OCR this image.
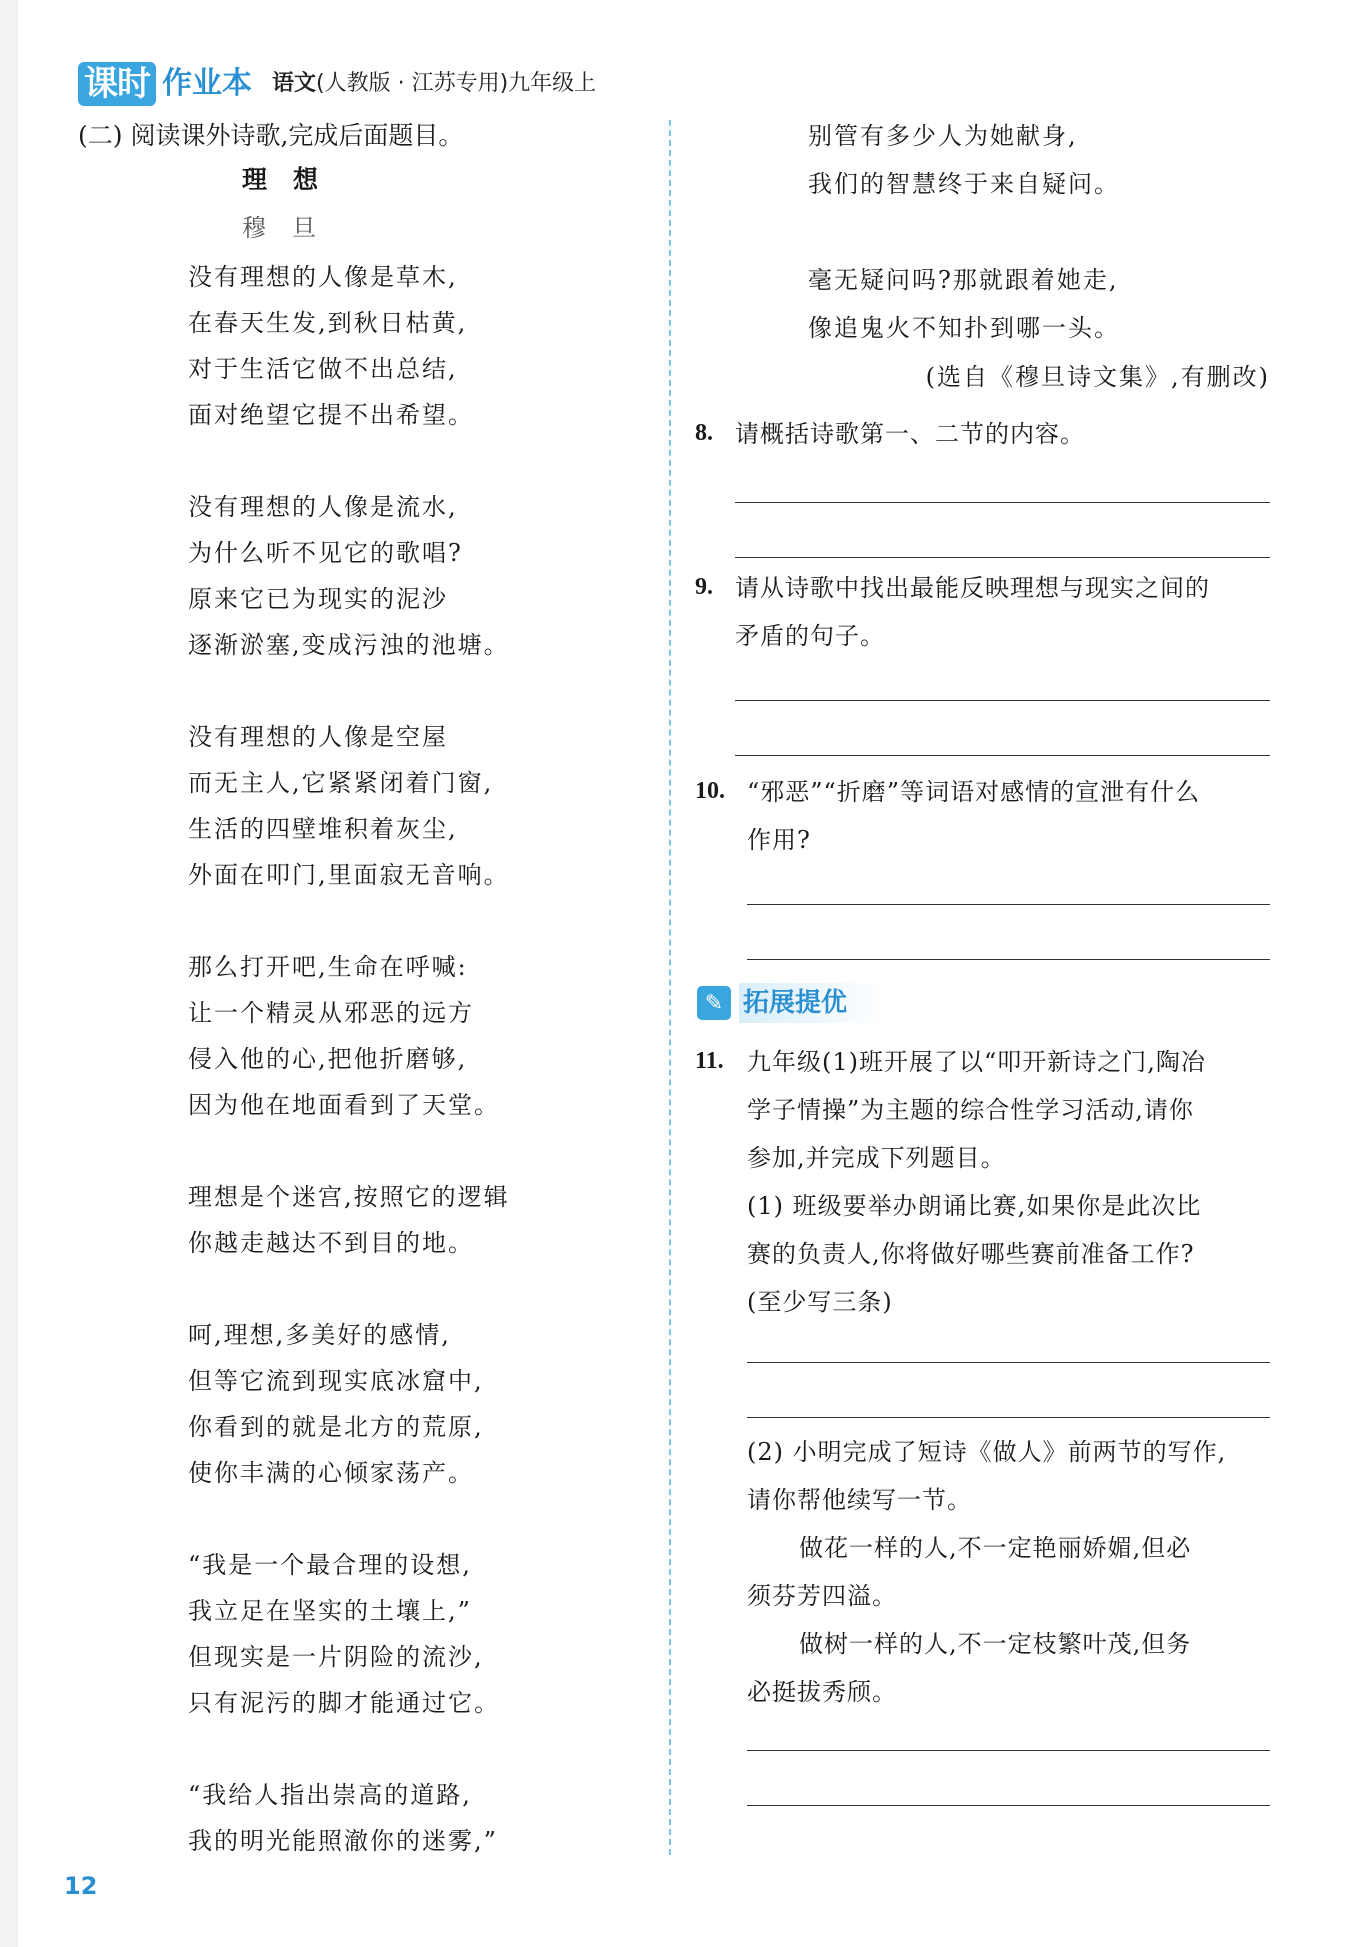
课时 作业本 语文(人教版 · 江苏专用)九年级上

(二) 阅读课外诗歌,完成后面题目。

理想
穆旦
没有理想的人像是草木,
在春天生发,到秋日枯黄,
对于生活它做不出总结,
面对绝望它提不出希望。
没有理想的人像是流水,
为什么听不见它的歌唱?
原来它已为现实的泥沙
逐渐淤塞,变成污浊的池塘。
没有理想的人像是空屋
而无主人,它紧紧闭着门窗,
生活的四壁堆积着灰尘,
外面在叩门,里面寂无音响。
那么打开吧,生命在呼喊:
让一个精灵从邪恶的远方
侵入他的心,把他折磨够,
因为他在地面看到了天堂。
理想是个迷宫,按照它的逻辑
你越走越达不到目的地。
呵,理想,多美好的感情,
但等它流到现实底冰窟中,
你看到的就是北方的荒原,
使你丰满的心倾家荡产。
“我是一个最合理的设想,
我立足在坚实的土壤上,”
但现实是一片阴险的流沙,
只有泥污的脚才能通过它。
“我给人指出崇高的道路,
我的明光能照澈你的迷雾,”
别管有多少人为她献身,
我们的智慧终于来自疑问。
毫无疑问吗?那就跟着她走,
像追鬼火不知扑到哪一头。
(选自《穆旦诗文集》,有删改)
8. 请概括诗歌第一、二节的内容。
9. 请从诗歌中找出最能反映理想与现实之间的
矛盾的句子。
10. “邪恶”“折磨”等词语对感情的宣泄有什么
作用?
✎ 拓展提优
11. 九年级(1)班开展了以“叩开新诗之门,陶冶
学子情操”为主题的综合性学习活动,请你
参加,并完成下列题目。
(1) 班级要举办朗诵比赛,如果你是此次比
赛的负责人,你将做好哪些赛前准备工作?
(至少写三条)
(2) 小明完成了短诗《做人》前两节的写作,
请你帮他续写一节。
做花一样的人,不一定艳丽娇媚,但必
须芬芳四溢。
做树一样的人,不一定枝繁叶茂,但务
必挺拔秀颀。
12
